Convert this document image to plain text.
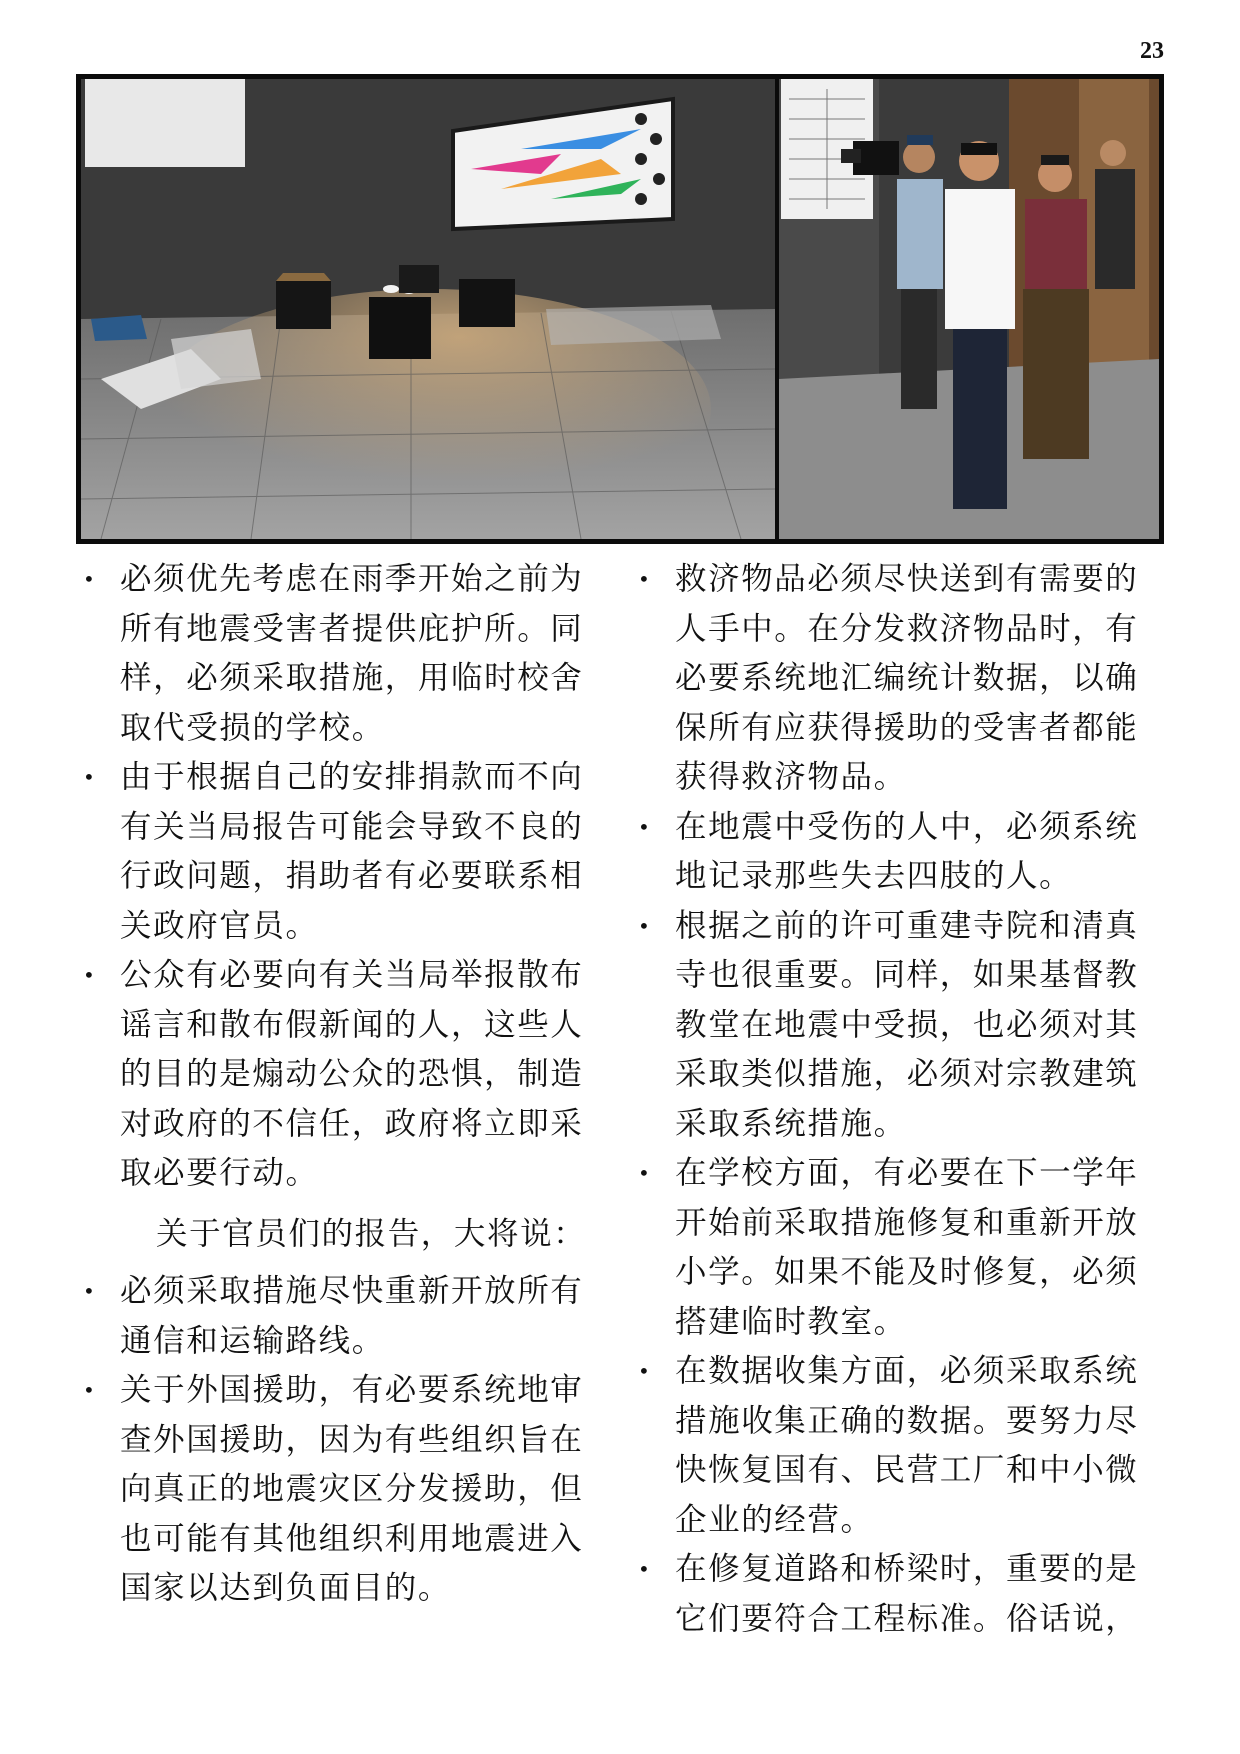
23
• 必须优先考虑在雨季开始之前为所有地震受害者提供庇护所。同样，必须采取措施，用临时校舍取代受损的学校。
• 由于根据自己的安排捐款而不向有关当局报告可能会导致不良的行政问题，捐助者有必要联系相关政府官员。
• 公众有必要向有关当局举报散布谣言和散布假新闻的人，这些人的目的是煽动公众的恐惧，制造对政府的不信任，政府将立即采取必要行动。
关于官员们的报告，大将说：
• 必须采取措施尽快重新开放所有通信和运输路线。
• 关于外国援助，有必要系统地审查外国援助，因为有些组织旨在向真正的地震灾区分发援助，但也可能有其他组织利用地震进入国家以达到负面目的。
• 救济物品必须尽快送到有需要的人手中。在分发救济物品时，有必要系统地汇编统计数据，以确保所有应获得援助的受害者都能获得救济物品。
• 在地震中受伤的人中，必须系统地记录那些失去四肢的人。
• 根据之前的许可重建寺院和清真寺也很重要。同样，如果基督教教堂在地震中受损，也必须对其采取类似措施，必须对宗教建筑采取系统措施。
• 在学校方面，有必要在下一学年开始前采取措施修复和重新开放小学。如果不能及时修复，必须搭建临时教室。
• 在数据收集方面，必须采取系统措施收集正确的数据。要努力尽快恢复国有、民营工厂和中小微企业的经营。
• 在修复道路和桥梁时，重要的是它们要符合工程标准。俗话说，
